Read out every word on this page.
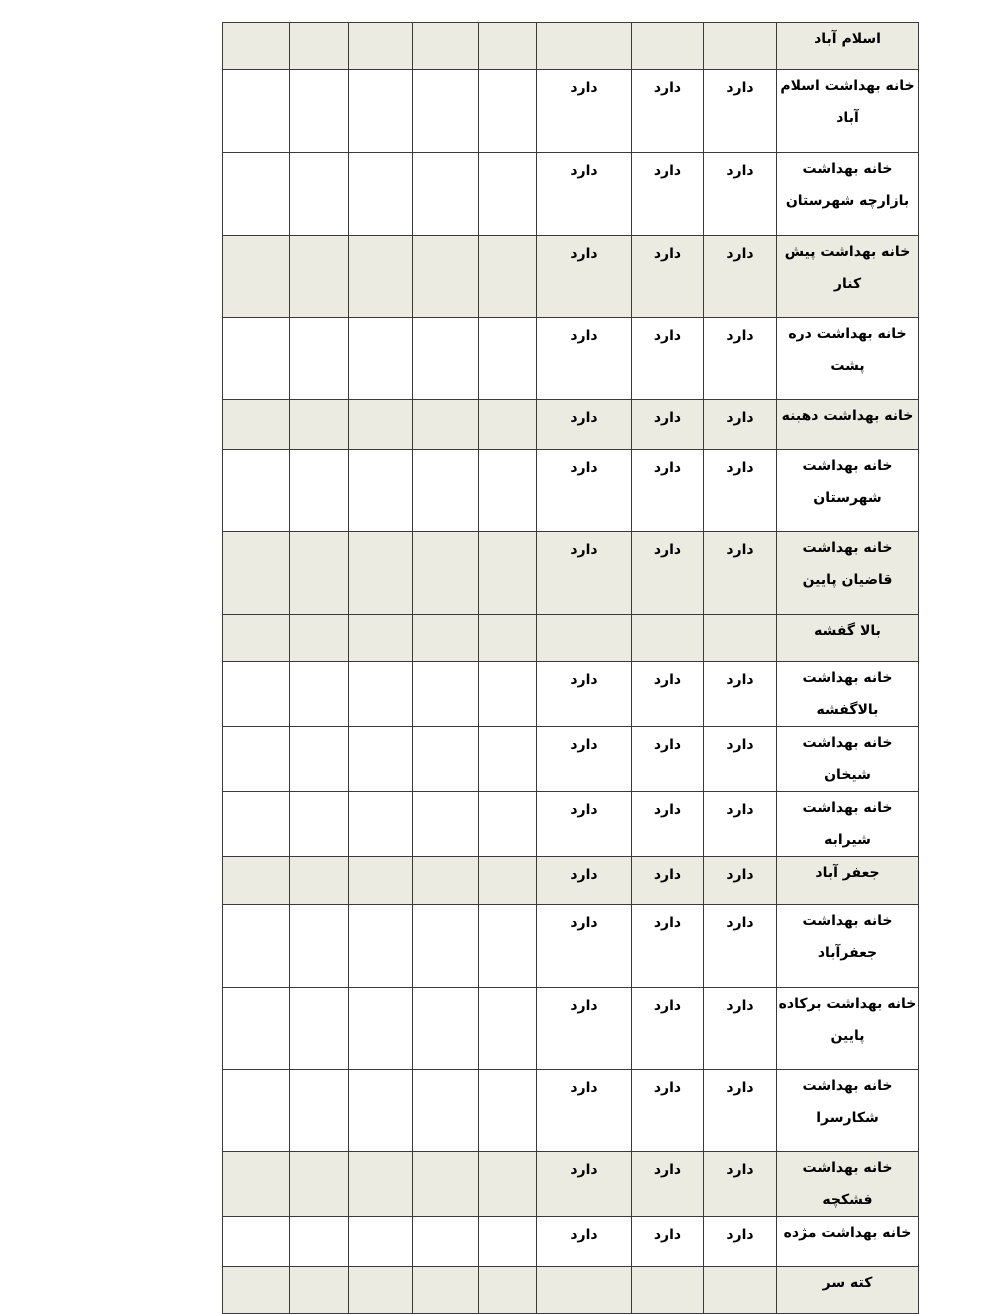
اسلام آباد								
خانه بهداشت اسلام آباد	دارد	دارد	دارد					
خانه بهداشت بازارچه شهرستان	دارد	دارد	دارد					
خانه بهداشت پیش کنار	دارد	دارد	دارد					
خانه بهداشت دره پشت	دارد	دارد	دارد					
خانه بهداشت دهبنه	دارد	دارد	دارد					
خانه بهداشت شهرستان	دارد	دارد	دارد					
خانه بهداشت قاضیان پایین	دارد	دارد	دارد					
بالا گفشه								
خانه بهداشت بالاگفشه	دارد	دارد	دارد					
خانه بهداشت شیخان	دارد	دارد	دارد					
خانه بهداشت شیرابه	دارد	دارد	دارد					
جعفر آباد	دارد	دارد	دارد					
خانه بهداشت جعفرآباد	دارد	دارد	دارد					
خانه بهداشت برکاده پایین	دارد	دارد	دارد					
خانه بهداشت شکارسرا	دارد	دارد	دارد					
خانه بهداشت فشکچه	دارد	دارد	دارد					
خانه بهداشت مژده	دارد	دارد	دارد					
کته سر								
